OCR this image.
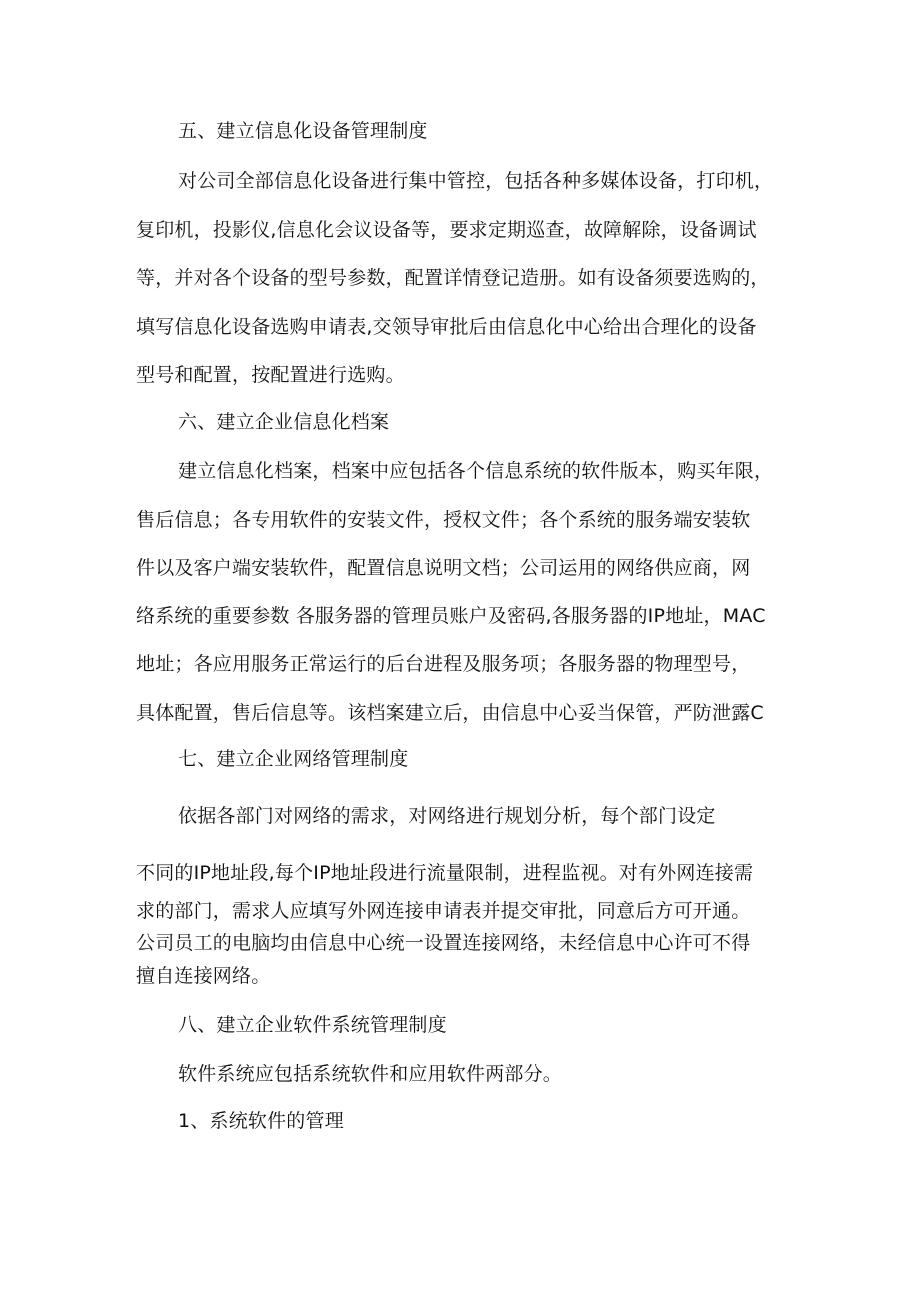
五、建立信息化设备管理制度
对公司全部信息化设备进行集中管控，包括各种多媒体设备，打印机，
复印机，投影仪,信息化会议设备等，要求定期巡查，故障解除，设备调试
等，并对各个设备的型号参数，配置详情登记造册。如有设备须要选购的，
填写信息化设备选购申请表,交领导审批后由信息化中心给出合理化的设备
型号和配置，按配置进行选购。
六、建立企业信息化档案
建立信息化档案，档案中应包括各个信息系统的软件版本，购买年限，
售后信息；各专用软件的安装文件，授权文件；各个系统的服务端安装软
件以及客户端安装软件，配置信息说明文档；公司运用的网络供应商，网
络系统的重要参数 各服务器的管理员账户及密码,各服务器的IP地址，MAC
地址；各应用服务正常运行的后台进程及服务项；各服务器的物理型号，
具体配置，售后信息等。该档案建立后，由信息中心妥当保管，严防泄露C
七、建立企业网络管理制度
依据各部门对网络的需求，对网络进行规划分析，每个部门设定
不同的IP地址段,每个IP地址段进行流量限制，进程监视。对有外网连接需
求的部门，需求人应填写外网连接申请表并提交审批，同意后方可开通。
公司员工的电脑均由信息中心统一设置连接网络，未经信息中心许可不得
擅自连接网络。
八、建立企业软件系统管理制度
软件系统应包括系统软件和应用软件两部分。
1、系统软件的管理
